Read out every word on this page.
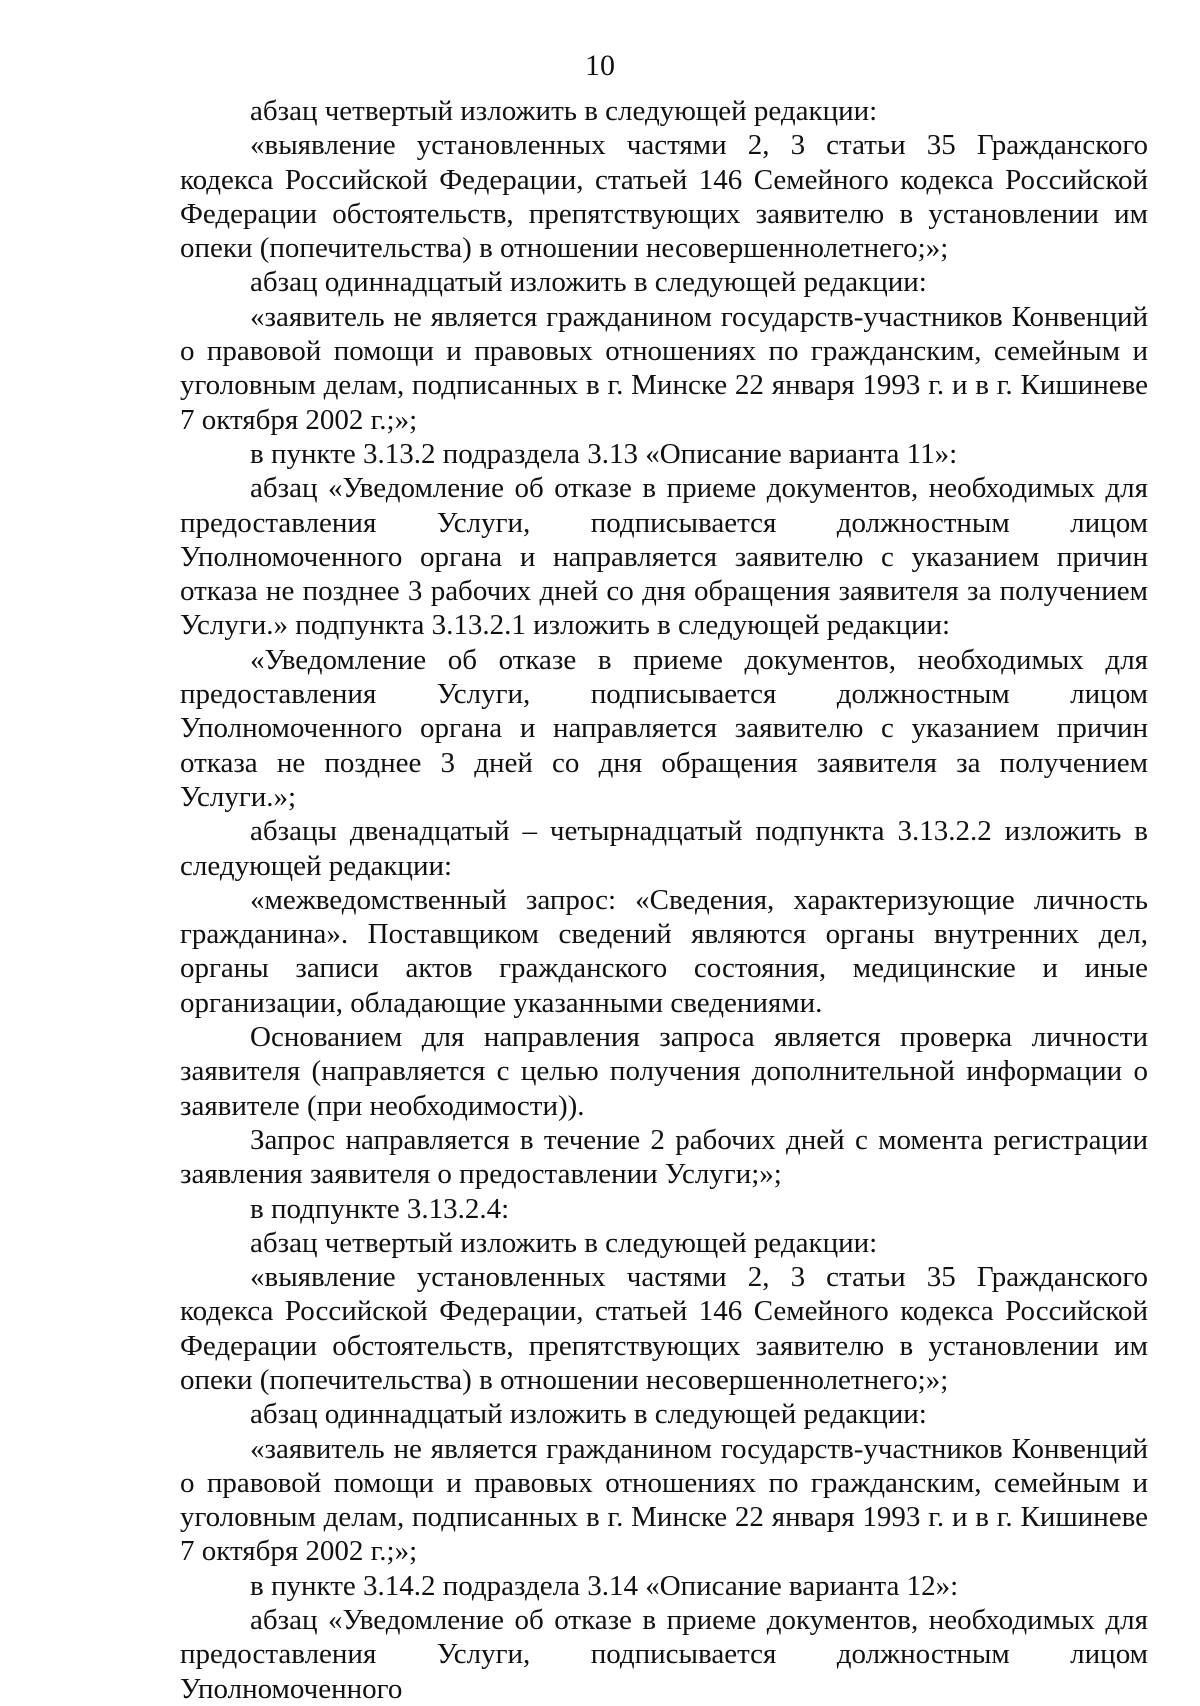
10

абзац четвертый изложить в следующей редакции:

«выявление установленных частями 2, 3 статьи 35 Гражданского кодекса Российской Федерации, статьей 146 Семейного кодекса Российской Федерации обстоятельств, препятствующих заявителю в установлении им опеки (попечительства) в отношении несовершеннолетнего;»;

абзац одиннадцатый изложить в следующей редакции:

«заявитель не является гражданином государств-участников Конвенций о правовой помощи и правовых отношениях по гражданским, семейным и уголовным делам, подписанных в г. Минске 22 января 1993 г. и в г. Кишиневе 7 октября 2002 г.;»;

в пункте 3.13.2 подраздела 3.13 «Описание варианта 11»:

абзац «Уведомление об отказе в приеме документов, необходимых для предоставления Услуги, подписывается должностным лицом Уполномоченного органа и направляется заявителю с указанием причин отказа не позднее 3 рабочих дней со дня обращения заявителя за получением Услуги.» подпункта 3.13.2.1 изложить в следующей редакции:

«Уведомление об отказе в приеме документов, необходимых для предоставления Услуги, подписывается должностным лицом Уполномоченного органа и направляется заявителю с указанием причин отказа не позднее 3 дней со дня обращения заявителя за получением Услуги.»;

абзацы двенадцатый – четырнадцатый подпункта 3.13.2.2 изложить в следующей редакции:

«межведомственный запрос: «Сведения, характеризующие личность гражданина». Поставщиком сведений являются органы внутренних дел, органы записи актов гражданского состояния, медицинские и иные организации, обладающие указанными сведениями.

Основанием для направления запроса является проверка личности заявителя (направляется с целью получения дополнительной информации о заявителе (при необходимости)).

Запрос направляется в течение 2 рабочих дней с момента регистрации заявления заявителя о предоставлении Услуги;»;

в подпункте 3.13.2.4:

абзац четвертый изложить в следующей редакции:

«выявление установленных частями 2, 3 статьи 35 Гражданского кодекса Российской Федерации, статьей 146 Семейного кодекса Российской Федерации обстоятельств, препятствующих заявителю в установлении им опеки (попечительства) в отношении несовершеннолетнего;»;

абзац одиннадцатый изложить в следующей редакции:

«заявитель не является гражданином государств-участников Конвенций о правовой помощи и правовых отношениях по гражданским, семейным и уголовным делам, подписанных в г. Минске 22 января 1993 г. и в г. Кишиневе 7 октября 2002 г.;»;

в пункте 3.14.2 подраздела 3.14 «Описание варианта 12»:

абзац «Уведомление об отказе в приеме документов, необходимых для предоставления Услуги, подписывается должностным лицом Уполномоченного
